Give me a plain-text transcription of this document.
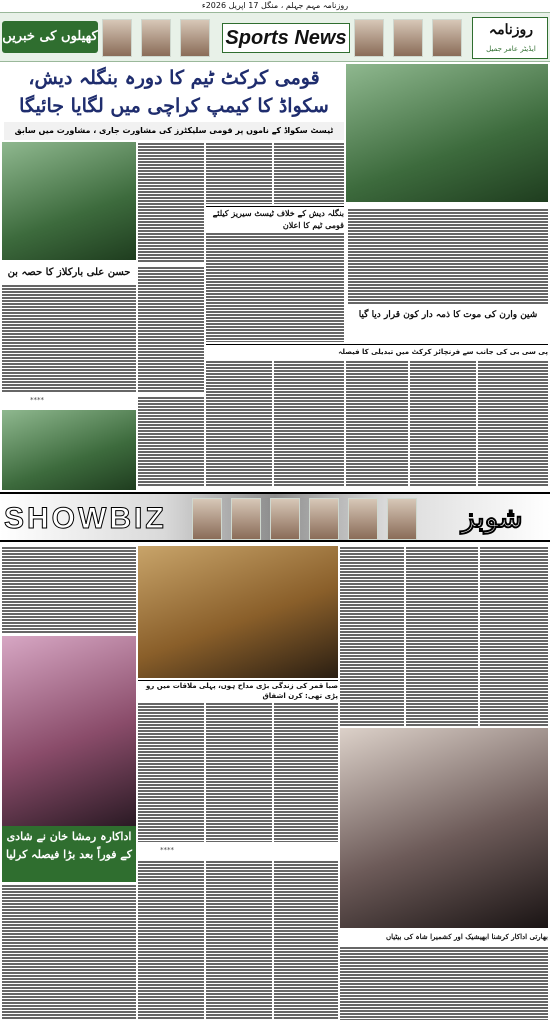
روزنامہ مہم جہلم ، منگل 17 اپریل 2026ء
کھیلوں کی خبریں
	Sports News
	روزنامہ
ایڈیٹر عامر جمیل
قومی کرکٹ ٹیم کا دورہ بنگلہ دیش، سکواڈ کا کیمپ کراچی میں لگایا جائیگا
ٹیسٹ سکواڈ کے ناموں پر قومی سلیکٹرز کی مشاورت جاری ، مشاورت میں سابق
بنگلہ دیش کے خلاف ٹیسٹ سیریز کیلئے قومی ٹیم کا اعلان
حسن علی بارکلاز کا حصہ بن
****
شین وارن کی موت کا ذمہ دار کون قرار دیا گیا
پی سی بی کی جانب سے فرنچائز کرکٹ میں تبدیلی کا فیصلہ
SHOWBIZ
	شوبز
اداکارہ رمشا خان نے شادی کے فوراً بعد بڑا فیصلہ کرلیا
صبا قمر کی زندگی بڑی مداح ہوں، پہلی ملاقات میں رو پڑی تھی: کرن اشفاق
****
بھارتی اداکار کرشنا ابھیشیک اور کشمیرا شاہ کی بیٹیاں
